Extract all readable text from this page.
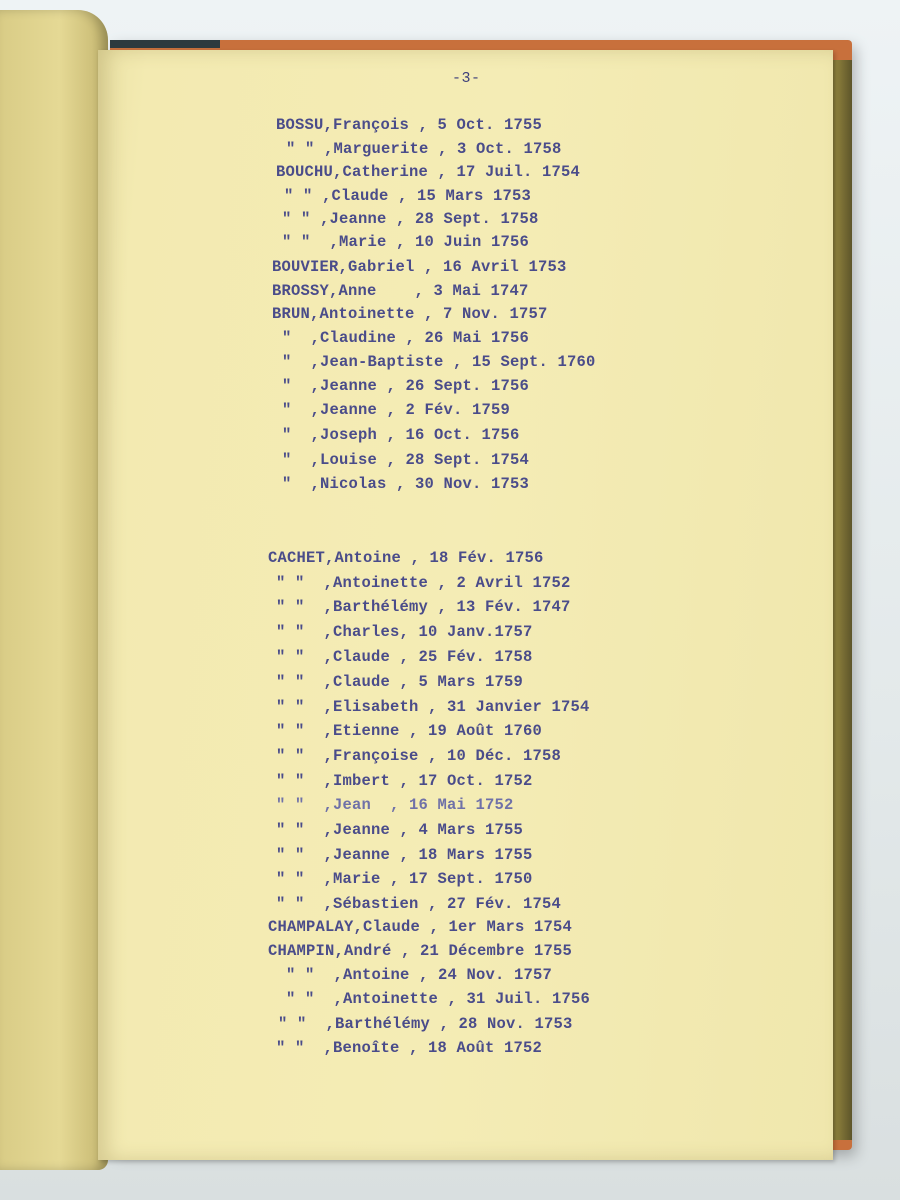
-3-
BOSSU,François , 5 Oct. 1755
" " ,Marguerite , 3 Oct. 1758
BOUCHU,Catherine , 17 Juil. 1754
" " ,Claude , 15 Mars 1753
" " ,Jeanne , 28 Sept. 1758
" "  ,Marie , 10 Juin 1756
BOUVIER,Gabriel , 16 Avril 1753
BROSSY,Anne    , 3 Mai 1747
BRUN,Antoinette , 7 Nov. 1757
"  ,Claudine , 26 Mai 1756
"  ,Jean-Baptiste , 15 Sept. 1760
"  ,Jeanne , 26 Sept. 1756
"  ,Jeanne , 2 Fév. 1759
"  ,Joseph , 16 Oct. 1756
"  ,Louise , 28 Sept. 1754
"  ,Nicolas , 30 Nov. 1753
CACHET,Antoine , 18 Fév. 1756
" "  ,Antoinette , 2 Avril 1752
" "  ,Barthélémy , 13 Fév. 1747
" "  ,Charles, 10 Janv.1757
" "  ,Claude , 25 Fév. 1758
" "  ,Claude , 5 Mars 1759
" "  ,Elisabeth , 31 Janvier 1754
" "  ,Etienne , 19 Août 1760
" "  ,Françoise , 10 Déc. 1758
" "  ,Imbert , 17 Oct. 1752
" "  ,Jean  , 16 Mai 1752
" "  ,Jeanne , 4 Mars 1755
" "  ,Jeanne , 18 Mars 1755
" "  ,Marie , 17 Sept. 1750
" "  ,Sébastien , 27 Fév. 1754
CHAMPALAY,Claude , 1er Mars 1754
CHAMPIN,André , 21 Décembre 1755
" "  ,Antoine , 24 Nov. 1757
" "  ,Antoinette , 31 Juil. 1756
" "  ,Barthélémy , 28 Nov. 1753
" "  ,Benoîte , 18 Août 1752
